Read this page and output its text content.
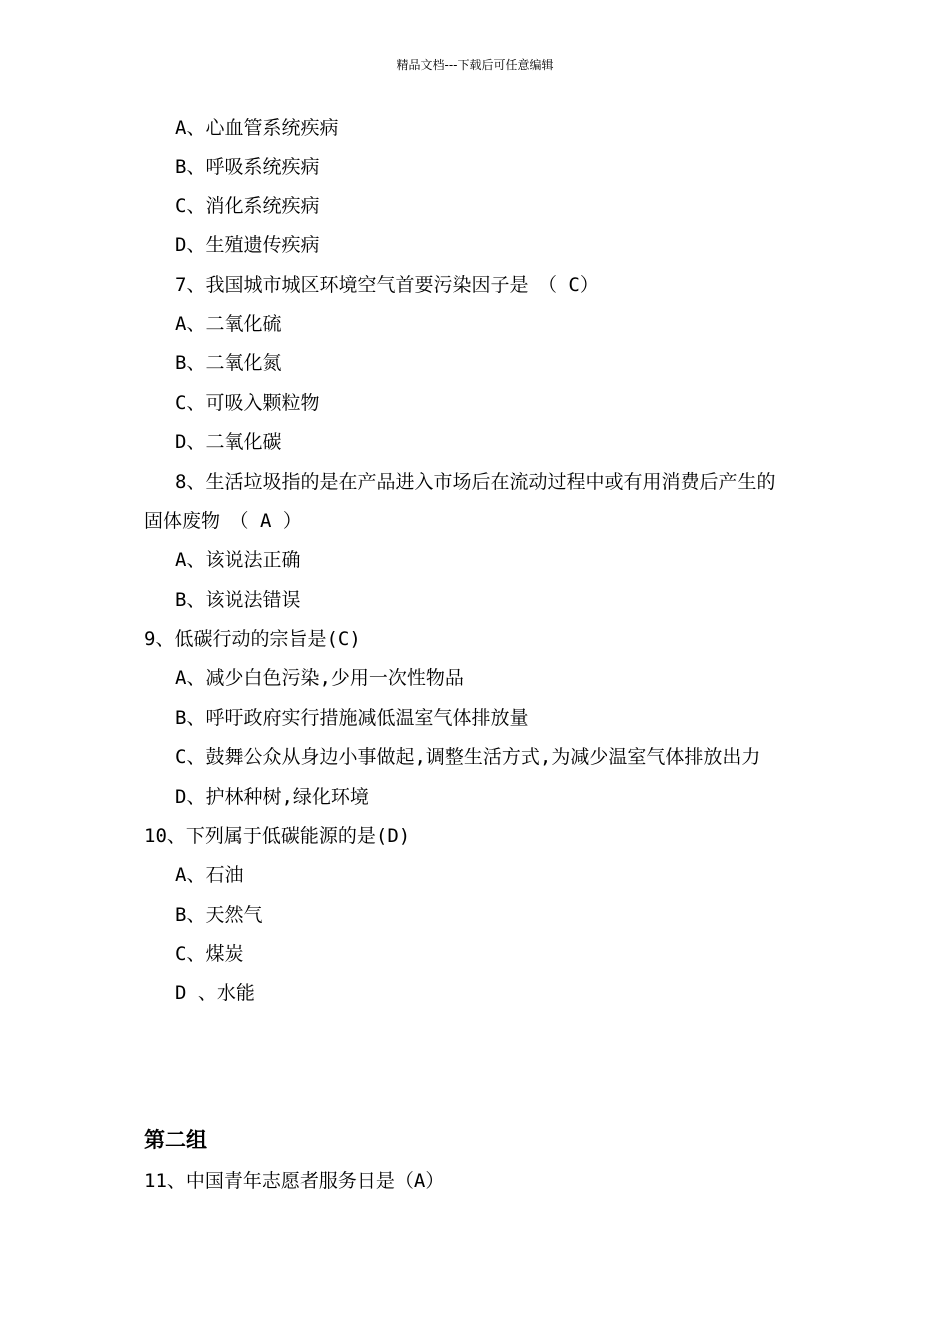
精品文档---下载后可任意编辑
A、心血管系统疾病
B、呼吸系统疾病
C、消化系统疾病
D、生殖遗传疾病
7、我国城市城区环境空气首要污染因子是　（ C）
A、二氧化硫
B、二氧化氮
C、可吸入颗粒物
D、二氧化碳
8、生活垃圾指的是在产品进入市场后在流动过程中或有用消费后产生的
固体废物　（ A ）
A、该说法正确
B、该说法错误
9、低碳行动的宗旨是(C)
A、减少白色污染,少用一次性物品
B、呼吁政府实行措施减低温室气体排放量
C、鼓舞公众从身边小事做起,调整生活方式,为减少温室气体排放出力
D、护林种树,绿化环境
10、下列属于低碳能源的是(D)
A、石油
B、天然气
C、煤炭
D 、水能
第二组
11、中国青年志愿者服务日是（A）
